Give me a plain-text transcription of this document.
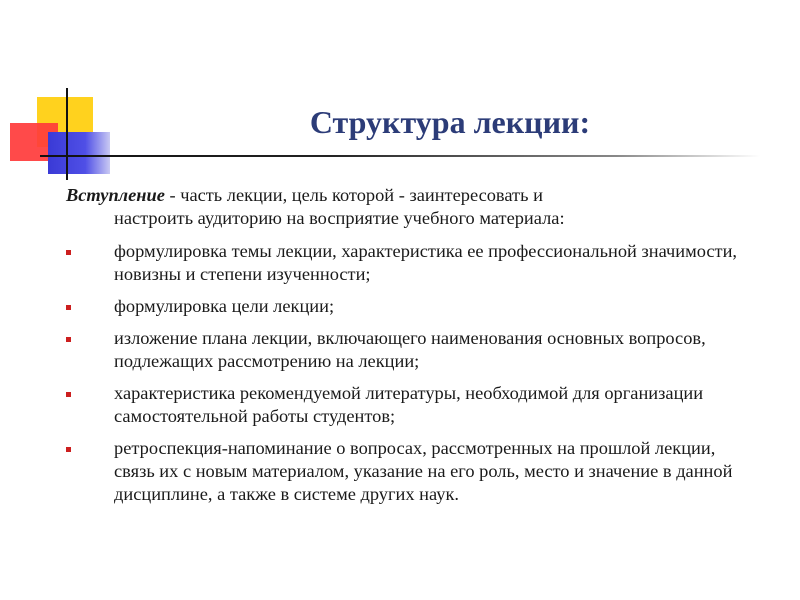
Структура лекции:

Вступление - часть лекции, цель которой - заинтересовать и
настроить аудиторию на восприятие учебного материала:

формулировка темы лекции, характеристика ее профессиональной значимости, новизны и степени изученности;
формулировка цели лекции;
изложение плана лекции, включающего наименования основных вопросов, подлежащих рассмотрению на лекции;
характеристика рекомендуемой литературы, необходимой для организации самостоятельной работы студентов;
ретроспекция-напоминание о вопросах, рассмотренных на прошлой лекции, связь их с новым материалом, указание на его роль, место и значение в данной дисциплине, а также в системе других наук.
